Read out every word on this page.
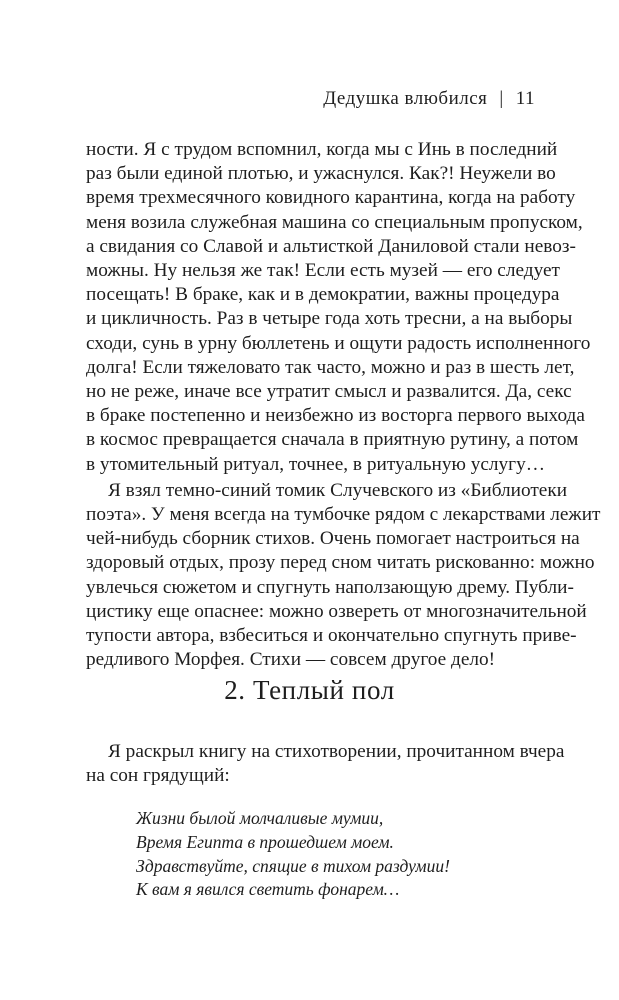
Дедушка влюбился | 11
ности. Я с трудом вспомнил, когда мы с Инь в последний
раз были единой плотью, и ужаснулся. Как?! Неужели во
время трехмесячного ковидного карантина, когда на работу
меня возила служебная машина со специальным пропуском,
а свидания со Славой и альтисткой Даниловой стали невоз-
можны. Ну нельзя же так! Если есть музей — его следует
посещать! В браке, как и в демократии, важны процедура
и цикличность. Раз в четыре года хоть тресни, а на выборы
сходи, сунь в урну бюллетень и ощути радость исполненного
долга! Если тяжеловато так часто, можно и раз в шесть лет,
но не реже, иначе все утратит смысл и развалится. Да, секс
в браке постепенно и неизбежно из восторга первого выхода
в космос превращается сначала в приятную рутину, а потом
в утомительный ритуал, точнее, в ритуальную услугу…
Я взял темно-синий томик Случевского из «Библиотеки
поэта». У меня всегда на тумбочке рядом с лекарствами лежит
чей-нибудь сборник стихов. Очень помогает настроиться на
здоровый отдых, прозу перед сном читать рискованно: можно
увлечься сюжетом и спугнуть наползающую дрему. Публи-
цистику еще опаснее: можно озвереть от многозначительной
тупости автора, взбеситься и окончательно спугнуть приве-
редливого Морфея. Стихи — совсем другое дело!
2. Теплый пол
Я раскрыл книгу на стихотворении, прочитанном вчера
на сон грядущий:
Жизни былой молчаливые мумии,
Время Египта в прошедшем моем.
Здравствуйте, спящие в тихом раздумии!
К вам я явился светить фонарем…
